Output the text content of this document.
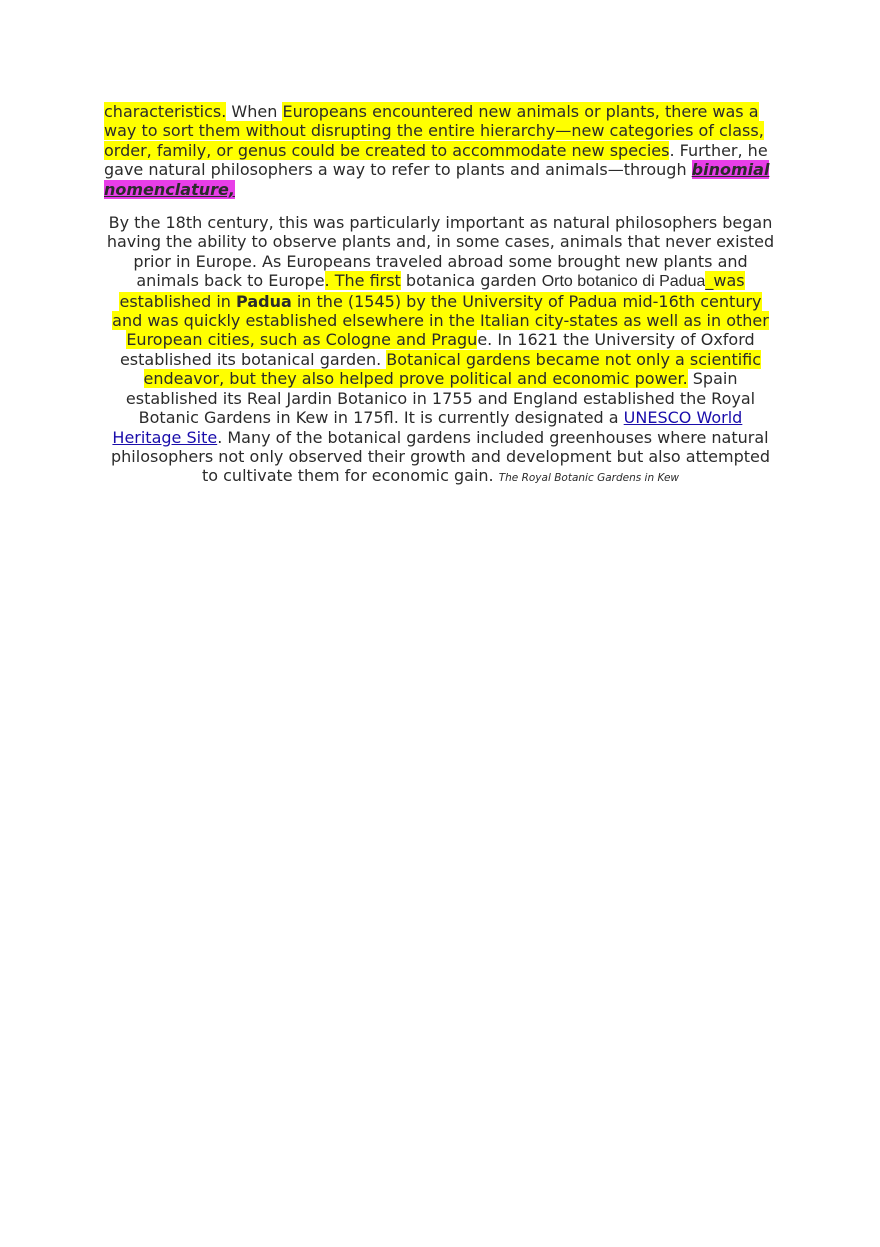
characteristics. When Europeans encountered new animals or plants, there was a way to sort them without disrupting the entire hierarchy—new categories of class, order, family, or genus could be created to accommodate new species. Further, he gave natural philosophers a way to refer to plants and animals—through binomial nomenclature,

By the 18th century, this was particularly important as natural philosophers began having the ability to observe plants and, in some cases, animals that never existed prior in Europe. As Europeans traveled abroad some brought new plants and animals back to Europe. The first botanica garden Orto botanico di Padua_was established in Padua in the (1545) by the University of Padua mid-16th century and was quickly established elsewhere in the Italian city-states as well as in other European cities, such as Cologne and Prague. In 1621 the University of Oxford established its botanical garden. Botanical gardens became not only a scientific endeavor, but they also helped prove political and economic power. Spain established its Real Jardin Botanico in 1755 and England established the Royal Botanic Gardens in Kew in 175fl. It is currently designated a UNESCO World Heritage Site. Many of the botanical gardens included greenhouses where natural philosophers not only observed their growth and development but also attempted to cultivate them for economic gain. The Royal Botanic Gardens in Kew
